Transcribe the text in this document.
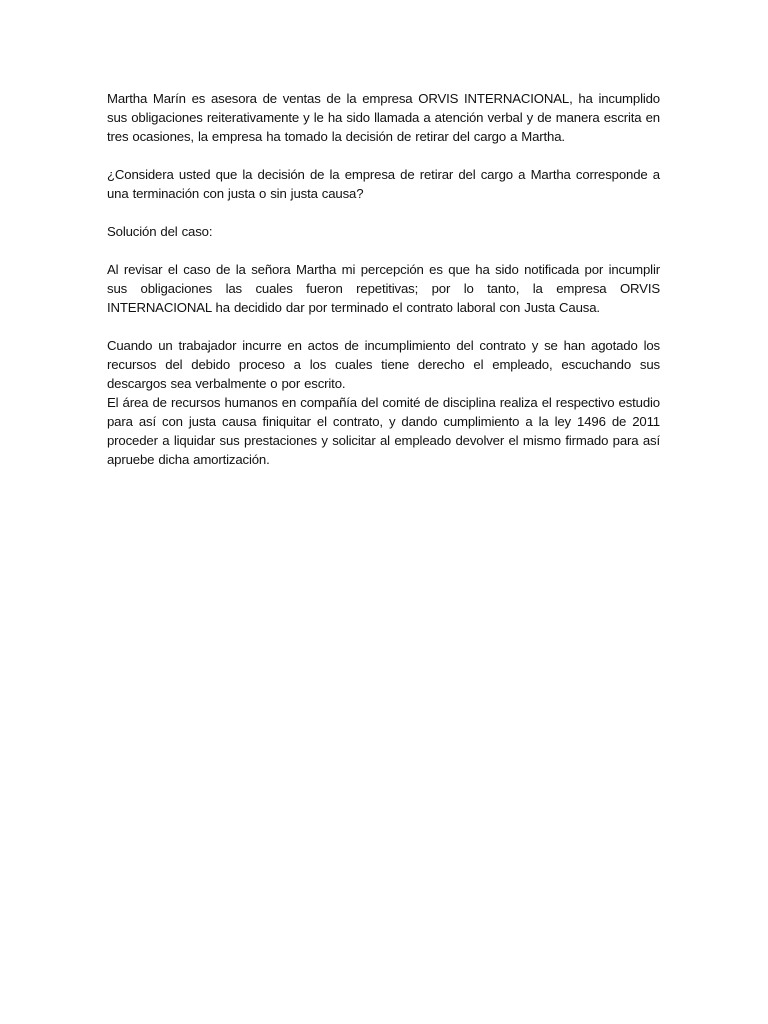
Martha Marín es asesora de ventas de la empresa ORVIS INTERNACIONAL, ha incumplido sus obligaciones reiterativamente y le ha sido llamada a atención verbal y de manera escrita en tres ocasiones, la empresa ha tomado la decisión de retirar del cargo a Martha.

¿Considera usted que la decisión de la empresa de retirar del cargo a Martha corresponde a una terminación con justa o sin justa causa?

Solución del caso:

Al revisar el caso de la señora Martha mi percepción es que ha sido notificada por incumplir sus obligaciones las cuales fueron repetitivas; por lo tanto, la empresa ORVIS INTERNACIONAL ha decidido dar por terminado el contrato laboral con Justa Causa.

Cuando un trabajador incurre en actos de incumplimiento del contrato y se han agotado los recursos del debido proceso a los cuales tiene derecho el empleado, escuchando sus descargos sea verbalmente o por escrito.

El área de recursos humanos en compañía del comité de disciplina realiza el respectivo estudio para así con justa causa finiquitar el contrato, y dando cumplimiento a la ley 1496 de 2011 proceder a liquidar sus prestaciones y solicitar al empleado devolver el mismo firmado para así apruebe dicha amortización.
